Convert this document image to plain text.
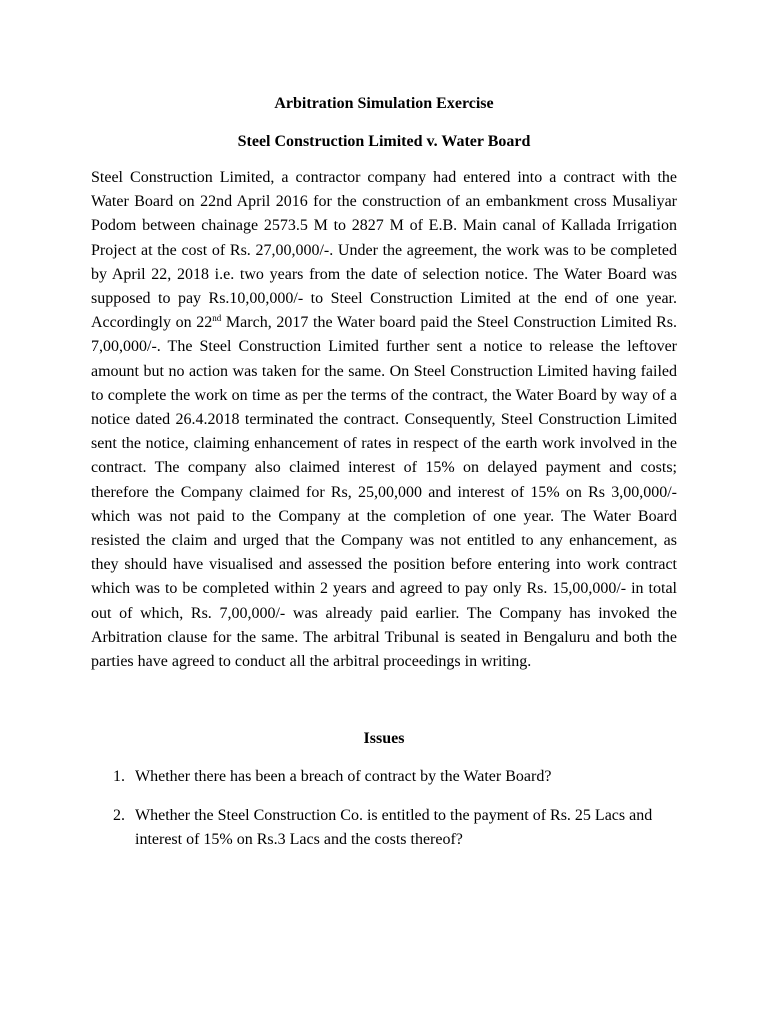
Arbitration Simulation Exercise
Steel Construction Limited v. Water Board

Steel Construction Limited, a contractor company had entered into a contract with the Water Board on 22nd April 2016 for the construction of an embankment cross Musaliyar Podom between chainage 2573.5 M to 2827 M of E.B. Main canal of Kallada Irrigation Project at the cost of Rs. 27,00,000/-. Under the agreement, the work was to be completed by April 22, 2018 i.e. two years from the date of selection notice. The Water Board was supposed to pay Rs.10,00,000/- to Steel Construction Limited at the end of one year. Accordingly on 22nd March, 2017 the Water board paid the Steel Construction Limited Rs. 7,00,000/-. The Steel Construction Limited further sent a notice to release the leftover amount but no action was taken for the same. On Steel Construction Limited having failed to complete the work on time as per the terms of the contract, the Water Board by way of a notice dated 26.4.2018 terminated the contract. Consequently, Steel Construction Limited sent the notice, claiming enhancement of rates in respect of the earth work involved in the contract. The company also claimed interest of 15% on delayed payment and costs; therefore the Company claimed for Rs, 25,00,000 and interest of 15% on Rs 3,00,000/- which was not paid to the Company at the completion of one year. The Water Board resisted the claim and urged that the Company was not entitled to any enhancement, as they should have visualised and assessed the position before entering into work contract which was to be completed within 2 years and agreed to pay only Rs. 15,00,000/- in total out of which, Rs. 7,00,000/- was already paid earlier. The Company has invoked the Arbitration clause for the same. The arbitral Tribunal is seated in Bengaluru and both the parties have agreed to conduct all the arbitral proceedings in writing.

Issues
1. Whether there has been a breach of contract by the Water Board?
2. Whether the Steel Construction Co. is entitled to the payment of Rs. 25 Lacs and interest of 15% on Rs.3 Lacs and the costs thereof?
